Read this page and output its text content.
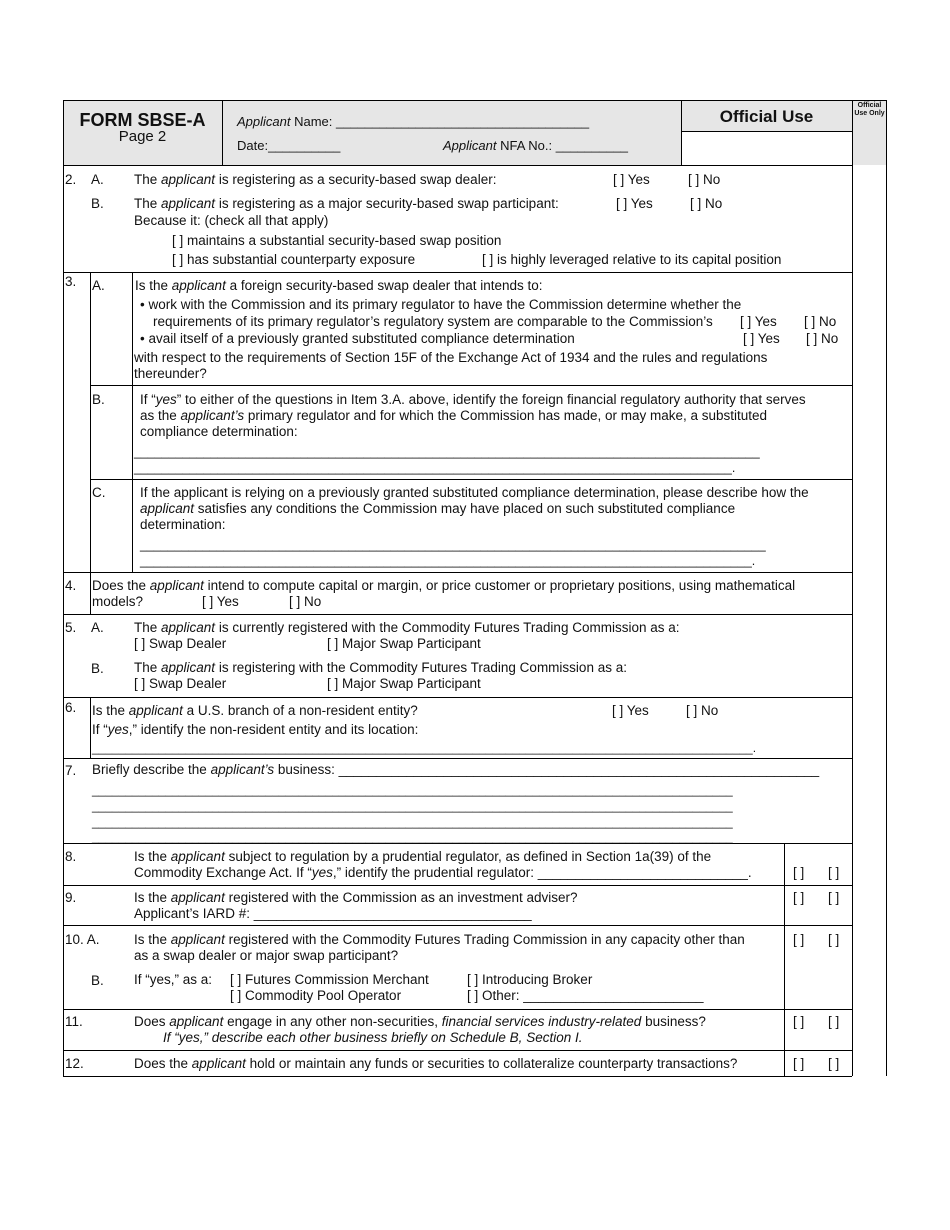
FORM SBSE-A
Page 2
Applicant Name: ___________________________________
Date:__________	Applicant NFA No.: __________
Official Use
Official Use Only
2. A. The applicant is registering as a security-based swap dealer:	[ ] Yes	[ ] No
B. The applicant is registering as a major security-based swap participant:	[ ] Yes	[ ] No
Because it: (check all that apply)
[ ] maintains a substantial security-based swap position
[ ] has substantial counterparty exposure	[ ] is highly leveraged relative to its capital position
3. A. Is the applicant a foreign security-based swap dealer that intends to:
• work with the Commission and its primary regulator to have the Commission determine whether the
requirements of its primary regulator’s regulatory system are comparable to the Commission’s [ ] Yes [ ] No
• avail itself of a previously granted substituted compliance determination	[ ] Yes [ ] No
with respect to the requirements of Section 15F of the Exchange Act of 1934 and the rules and regulations
thereunder?
B.	If “yes” to either of the questions in Item 3.A. above, identify the foreign financial regulatory authority that serves
as the applicant’s primary regulator and for which the Commission has made, or may make, a substituted
compliance determination:
__________________________________________________________________________________________
______________________________________________________________________________________.
C.	If the applicant is relying on a previously granted substituted compliance determination, please describe how the
applicant satisfies any conditions the Commission may have placed on such substituted compliance
determination:
__________________________________________________________________________________________
________________________________________________________________________________________.
4. Does the applicant intend to compute capital or margin, or price customer or proprietary positions, using mathematical
models?	[ ] Yes	[ ] No
5. A. The applicant is currently registered with the Commodity Futures Trading Commission as a:
[ ] Swap Dealer	[ ] Major Swap Participant
B. The applicant is registering with the Commodity Futures Trading Commission as a:
[ ] Swap Dealer	[ ] Major Swap Participant
6. Is the applicant a U.S. branch of a non-resident entity?	[ ] Yes	[ ] No
If “yes,” identify the non-resident entity and its location:
___________________________________________________________________________________________________.
7. Briefly describe the applicant’s business: ________________________________________________________________
________________________________________________________________________________________________
________________________________________________________________________________________________
________________________________________________________________________________________________
________________________________________________________________________________________________
8.	Is the applicant subject to regulation by a prudential regulator, as defined in Section 1a(39) of the
Commodity Exchange Act. If “yes,” identify the prudential regulator: ____________________________.	[ ] [ ]
9.	Is the applicant registered with the Commission as an investment adviser?
Applicant’s IARD #: _____________________________________
[ ] [ ]
10. A.	Is the applicant registered with the Commodity Futures Trading Commission in any capacity other than
as a swap dealer or major swap participant?
[ ] [ ]
B. If “yes,” as a: [ ] Futures Commission Merchant	[ ] Introducing Broker
[ ] Commodity Pool Operator	[ ] Other: ________________________
11.	Does applicant engage in any other non-securities, financial services industry-related business?
If “yes,” describe each other business briefly on Schedule B, Section I.
[ ] [ ]
12.	Does the applicant hold or maintain any funds or securities to collateralize counterparty transactions?	[ ] [ ]
